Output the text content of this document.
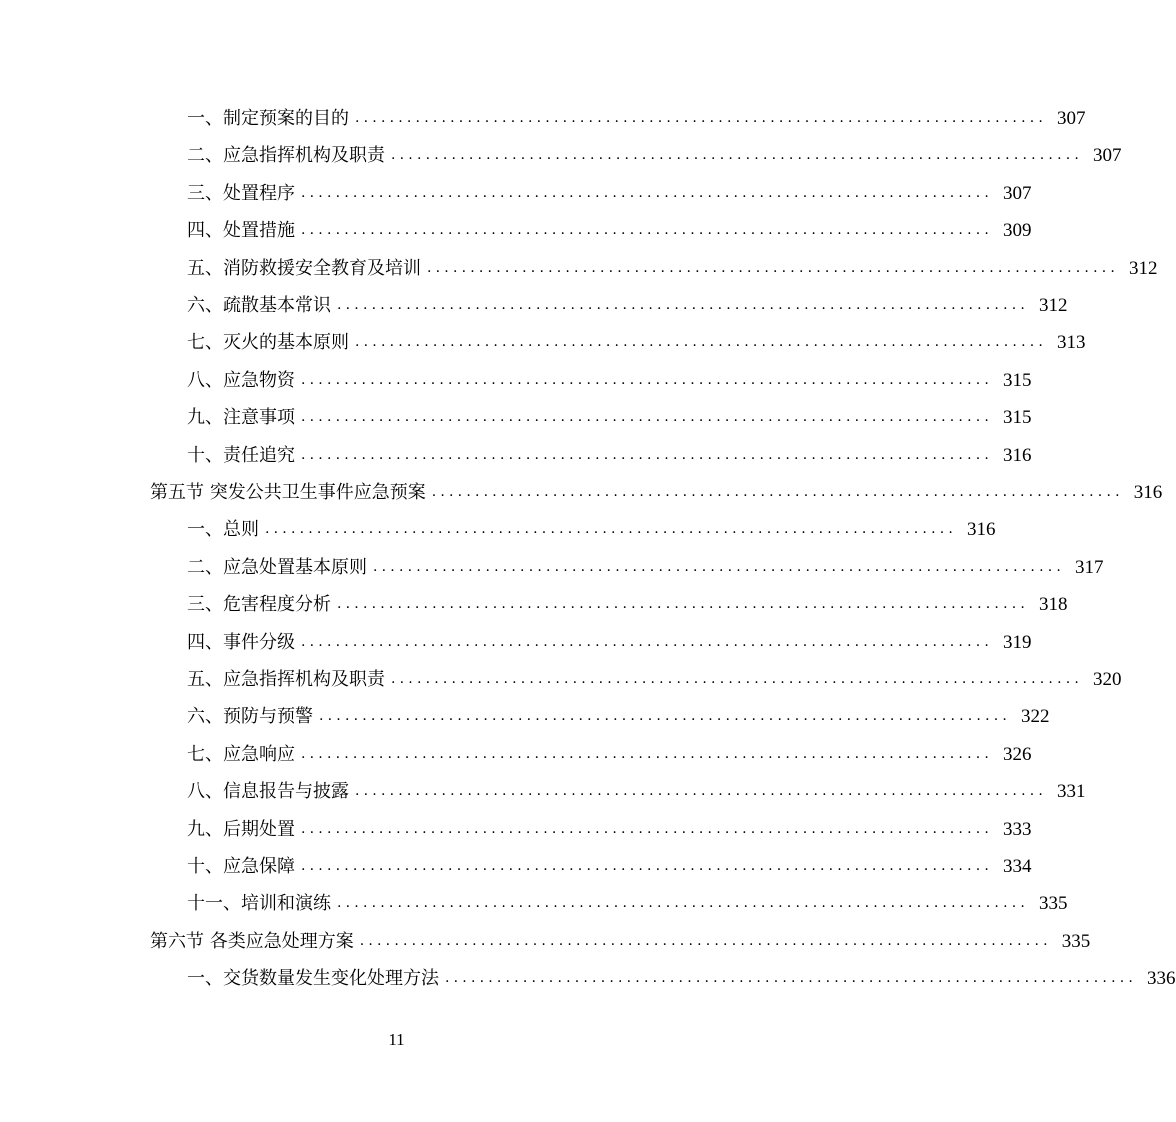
一、制定预案的目的 ................................................................................ 307
二、应急指挥机构及职责 ................................................................................ 307
三、处置程序 ................................................................................ 307
四、处置措施 ................................................................................ 309
五、消防救援安全教育及培训 ................................................................................ 312
六、疏散基本常识 ................................................................................ 312
七、灭火的基本原则 ................................................................................ 313
八、应急物资 ................................................................................ 315
九、注意事项 ................................................................................ 315
十、责任追究 ................................................................................ 316
第五节 突发公共卫生事件应急预案 ................................................................................ 316
一、总则 ................................................................................ 316
二、应急处置基本原则 ................................................................................ 317
三、危害程度分析 ................................................................................ 318
四、事件分级 ................................................................................ 319
五、应急指挥机构及职责 ................................................................................ 320
六、预防与预警 ................................................................................ 322
七、应急响应 ................................................................................ 326
八、信息报告与披露 ................................................................................ 331
九、后期处置 ................................................................................ 333
十、应急保障 ................................................................................ 334
十一、培训和演练 ................................................................................ 335
第六节 各类应急处理方案 ................................................................................ 335
一、交货数量发生变化处理方法 ................................................................................ 336
11
